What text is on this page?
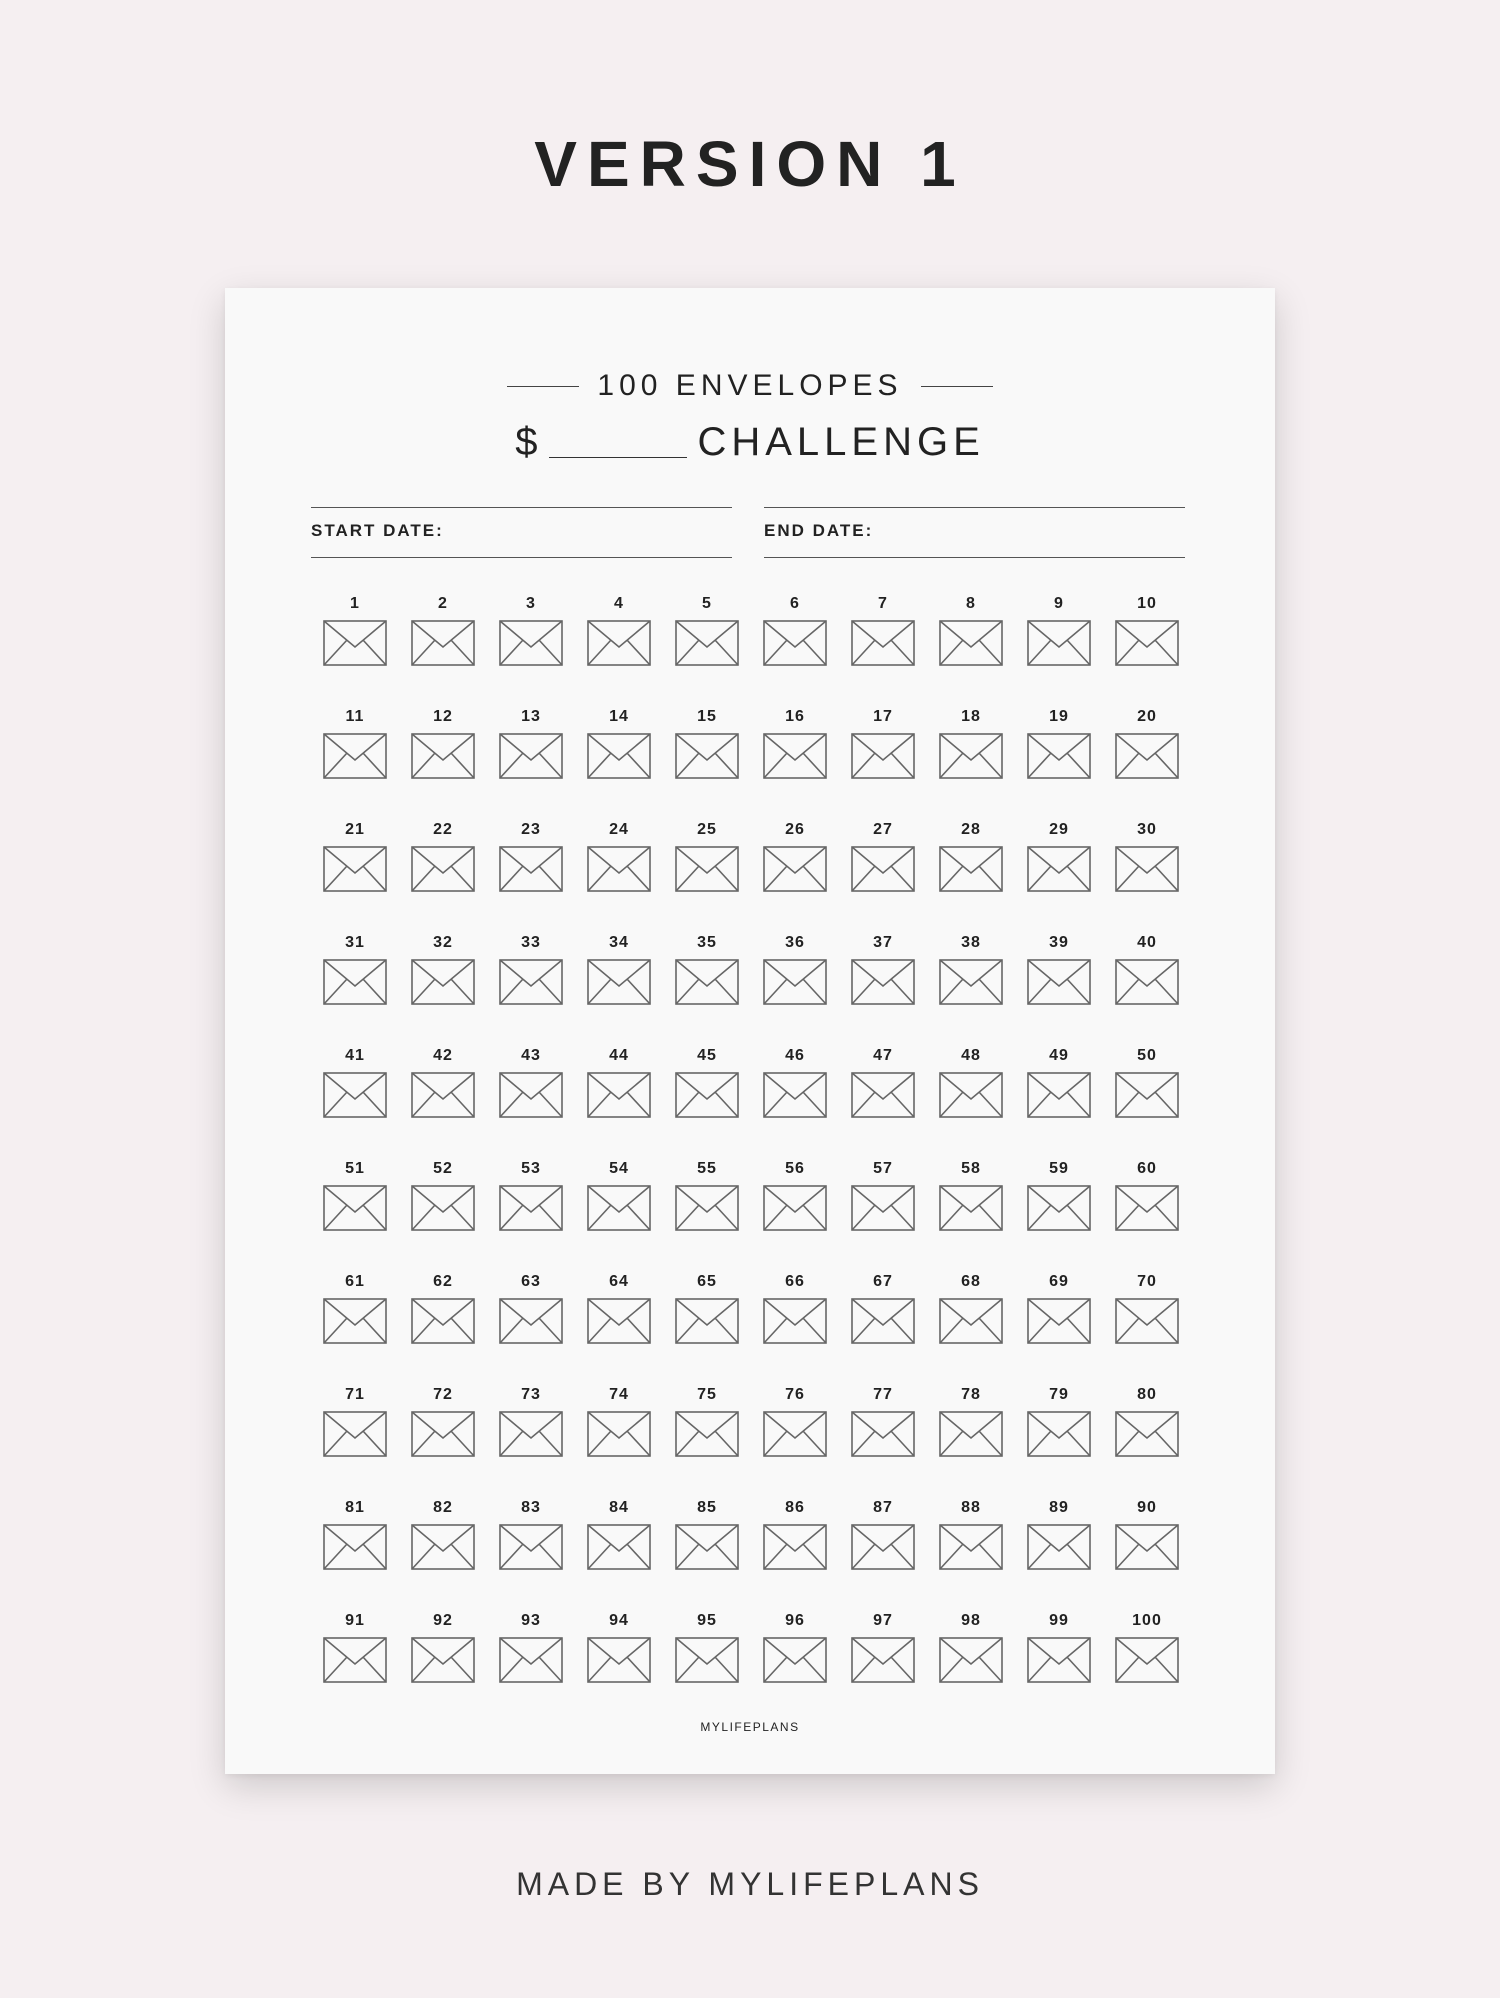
VERSION 1
100 ENVELOPES
$	CHALLENGE
START DATE:	END DATE:
1	2	3	4	5	6	7	8	9	10
11	12	13	14	15	16	17	18	19	20
21	22	23	24	25	26	27	28	29	30
31	32	33	34	35	36	37	38	39	40
41	42	43	44	45	46	47	48	49	50
51	52	53	54	55	56	57	58	59	60
61	62	63	64	65	66	67	68	69	70
71	72	73	74	75	76	77	78	79	80
81	82	83	84	85	86	87	88	89	90
91	92	93	94	95	96	97	98	99	100
MYLIFEPLANS
MADE BY MYLIFEPLANS
